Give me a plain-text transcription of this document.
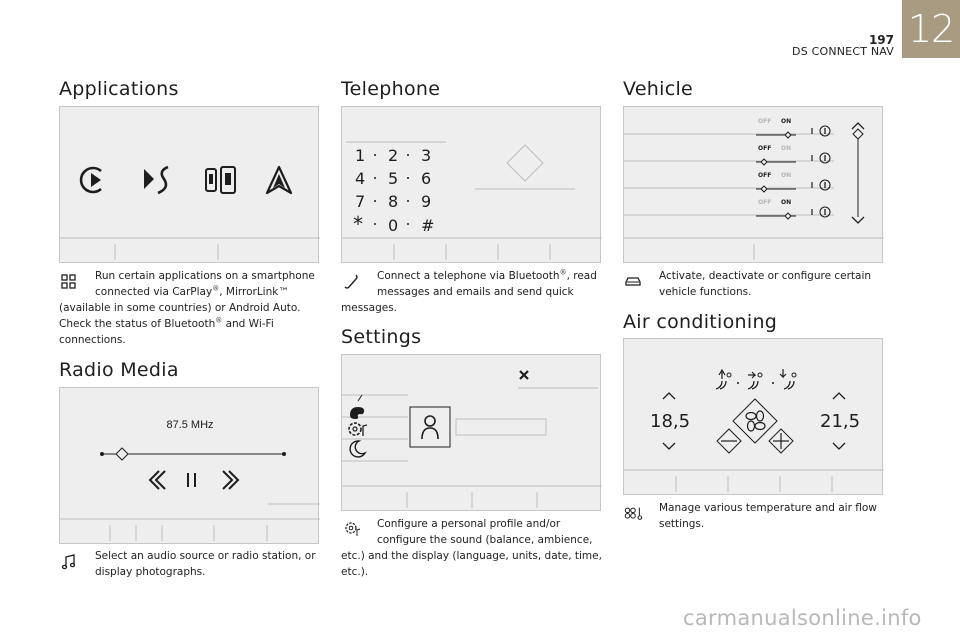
197
DS CONNECT NAV
12
Applications
Run certain applications on a smartphone
connected via CarPlay®, MirrorLink™
(available in some countries) or Android Auto. Check the status of Bluetooth® and Wi-Fi connections.
Radio Media
87.5 MHz
Select an audio source or radio station, or
display photographs.
Telephone
1 2 3
4 5 6
7 8 9
* 0 #
Connect a telephone via Bluetooth®, read
messages and emails and send quick
messages.
Settings
Configure a personal profile and/or
configure the sound (balance, ambience,
etc.) and the display (language, units, date, time, etc.).
Vehicle
OFF ON
OFF ON
OFF ON
OFF ON
Activate, deactivate or configure certain
vehicle functions.
Air conditioning
18,5	21,5
Manage various temperature and air flow
settings.
carmanualsonline.info
